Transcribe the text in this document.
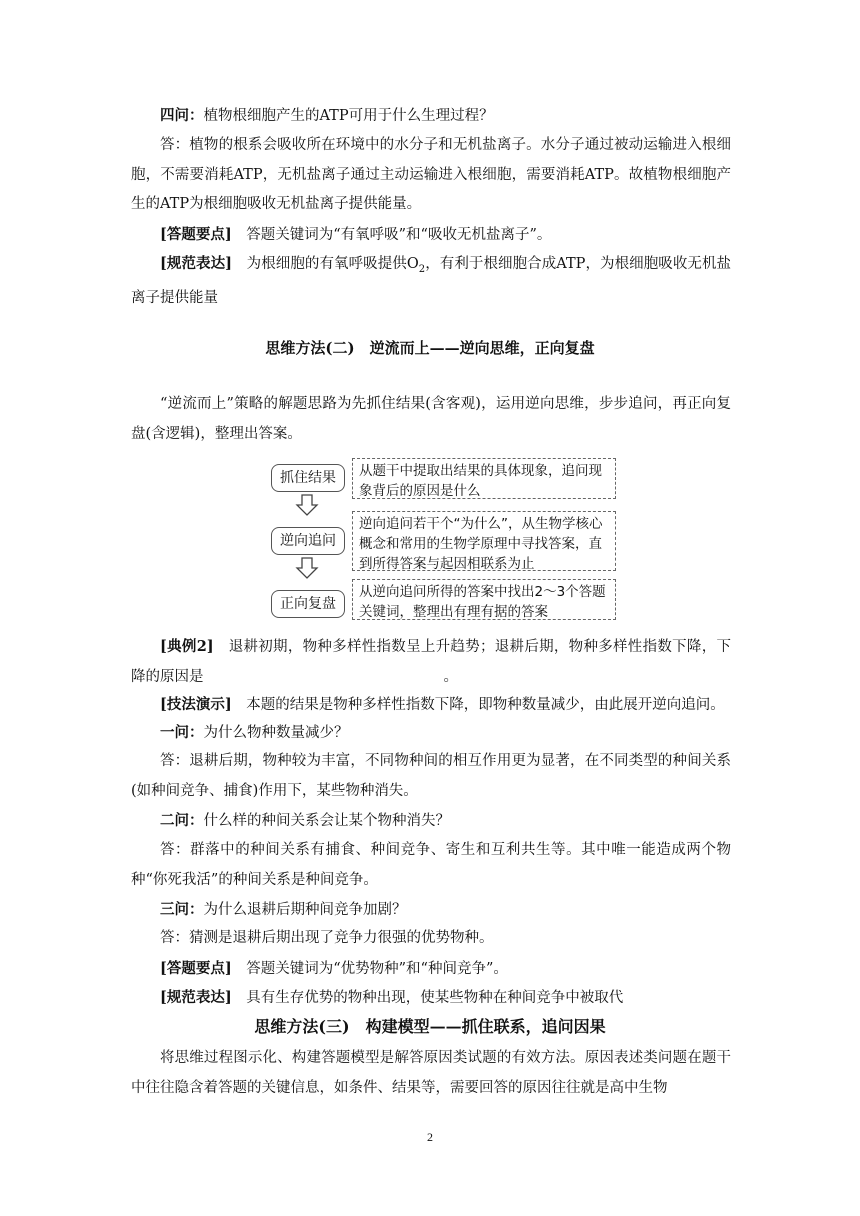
四问：植物根细胞产生的ATP可用于什么生理过程？

答：植物的根系会吸收所在环境中的水分子和无机盐离子。水分子通过被动运输进入根细胞，不需要消耗ATP，无机盐离子通过主动运输进入根细胞，需要消耗ATP。故植物根细胞产生的ATP为根细胞吸收无机盐离子提供能量。

[答题要点]　答题关键词为“有氧呼吸”和“吸收无机盐离子”。

[规范表达]　为根细胞的有氧呼吸提供$O_2$，有利于根细胞合成ATP，为根细胞吸收无机盐离子提供能量

思维方法(二)　逆流而上——逆向思维，正向复盘

“逆流而上”策略的解题思路为先抓住结果(含客观)，运用逆向思维，步步追问，再正向复盘(含逻辑)，整理出答案。

抓住结果	从题干中提取出结果的具体现象，追问现象背后的原因是什么
逆向追问
逆向追问若干个“为什么”，从生物学核心概念和常用的生物学原理中寻找答案，直到所得答案与起因相联系为止
正向复盘
从逆向追问所得的答案中找出2～3个答题关键词，整理出有理有据的答案

[典例2]　退耕初期，物种多样性指数呈上升趋势；退耕后期，物种多样性指数下降，下降的原因是	。

[技法演示]　本题的结果是物种多样性指数下降，即物种数量减少，由此展开逆向追问。

一问：为什么物种数量减少？

答：退耕后期，物种较为丰富，不同物种间的相互作用更为显著，在不同类型的种间关系(如种间竞争、捕食)作用下，某些物种消失。

二问：什么样的种间关系会让某个物种消失？

答：群落中的种间关系有捕食、种间竞争、寄生和互利共生等。其中唯一能造成两个物种“你死我活”的种间关系是种间竞争。

三问：为什么退耕后期种间竞争加剧？

答：猜测是退耕后期出现了竞争力很强的优势物种。

[答题要点]　答题关键词为“优势物种”和“种间竞争”。

[规范表达]　具有生存优势的物种出现，使某些物种在种间竞争中被取代

思维方法(三)　构建模型——抓住联系，追问因果

将思维过程图示化、构建答题模型是解答原因类试题的有效方法。原因表述类问题在题干中往往隐含着答题的关键信息，如条件、结果等，需要回答的原因往往就是高中生物

2
